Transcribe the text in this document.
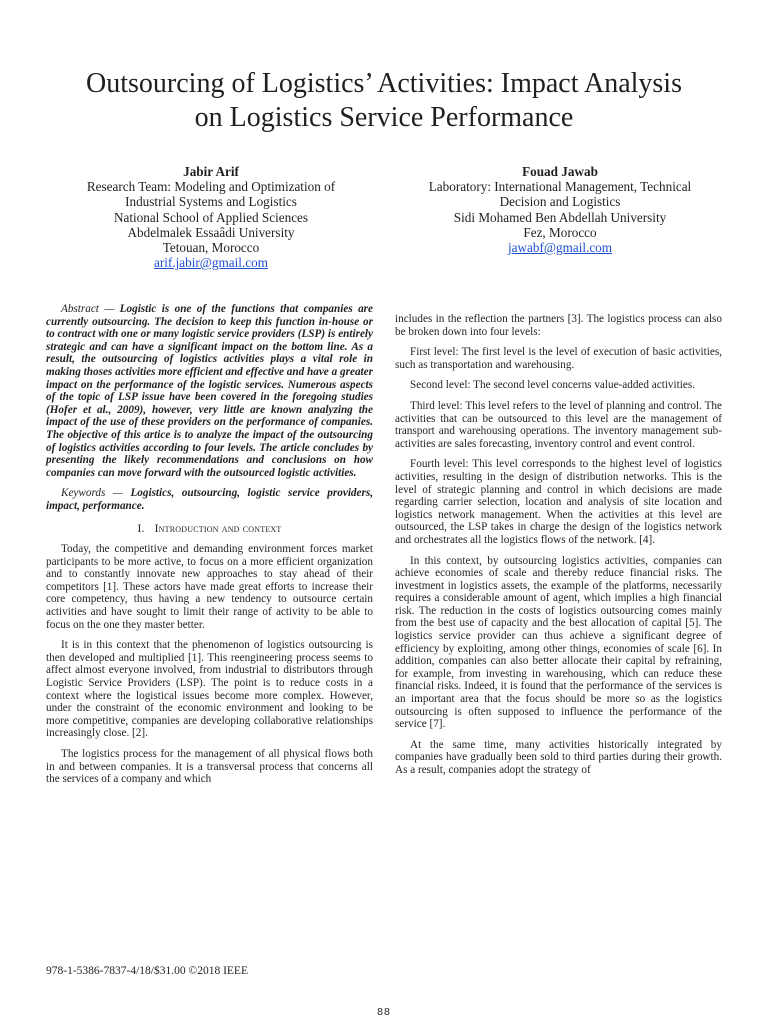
Outsourcing of Logistics’ Activities: Impact Analysis
on Logistics Service Performance
Jabir Arif
Research Team: Modeling and Optimization of
Industrial Systems and Logistics
National School of Applied Sciences
Abdelmalek Essaâdi University
Tetouan, Morocco
arif.jabir@gmail.com
Fouad Jawab
Laboratory: International Management, Technical
Decision and Logistics
Sidi Mohamed Ben Abdellah University
Fez, Morocco
jawabf@gmail.com

Abstract — Logistic is one of the functions that companies are currently outsourcing. The decision to keep this function in-house or to contract with one or many logistic service providers (LSP) is entirely strategic and can have a significant impact on the bottom line. As a result, the outsourcing of logistics activities plays a vital role in making thoses activities more efficient and effective and have a greater impact on the performance of the logistic services. Numerous aspects of the topic of LSP issue have been covered in the foregoing studies (Hofer et al., 2009), however, very little are known analyzing the impact of the use of these providers on the performance of companies. The objective of this artice is to analyze the impact of the outsourcing of logistics activities according to four levels. The article concludes by presenting the likely recommendations and conclusions on how companies can move forward with the outsourced logistic activities.

Keywords — Logistics, outsourcing, logistic service providers, impact, performance.

I. Introduction and context

Today, the competitive and demanding environment forces market participants to be more active, to focus on a more efficient organization and to constantly innovate new approaches to stay ahead of their competitors [1]. These actors have made great efforts to increase their core competency, thus having a new tendency to outsource certain activities and have sought to limit their range of activity to be able to focus on the one they master better.

It is in this context that the phenomenon of logistics outsourcing is then developed and multiplied [1]. This reengineering process seems to affect almost everyone involved, from industrial to distributors through Logistic Service Providers (LSP). The point is to reduce costs in a context where the logistical issues become more complex. However, under the constraint of the economic environment and looking to be more competitive, companies are developing collaborative relationships increasingly close. [2].

The logistics process for the management of all physical flows both in and between companies. It is a transversal process that concerns all the services of a company and which

includes in the reflection the partners [3]. The logistics process can also be broken down into four levels:

First level: The first level is the level of execution of basic activities, such as transportation and warehousing.

Second level: The second level concerns value-added activities.

Third level: This level refers to the level of planning and control. The activities that can be outsourced to this level are the management of transport and warehousing operations. The inventory management sub-activities are sales forecasting, inventory control and event control.

Fourth level: This level corresponds to the highest level of logistics activities, resulting in the design of distribution networks. This is the level of strategic planning and control in which decisions are made regarding carrier selection, location and analysis of site location and logistics network management. When the activities at this level are outsourced, the LSP takes in charge the design of the logistics network and orchestrates all the logistics flows of the network. [4].

In this context, by outsourcing logistics activities, companies can achieve economies of scale and thereby reduce financial risks. The investment in logistics assets, the example of the platforms, necessarily requires a considerable amount of agent, which implies a high financial risk. The reduction in the costs of logistics outsourcing comes mainly from the best use of capacity and the best allocation of capital [5]. The logistics service provider can thus achieve a significant degree of efficiency by exploiting, among other things, economies of scale [6]. In addition, companies can also better allocate their capital by refraining, for example, from investing in warehousing, which can reduce these financial risks. Indeed, it is found that the performance of the services is an important area that the focus should be more so as the logistics outsourcing is often supposed to influence the performance of the service [7].

At the same time, many activities historically integrated by companies have gradually been sold to third parties during their growth. As a result, companies adopt the strategy of

978-1-5386-7837-4/18/$31.00 ©2018 IEEE
88
